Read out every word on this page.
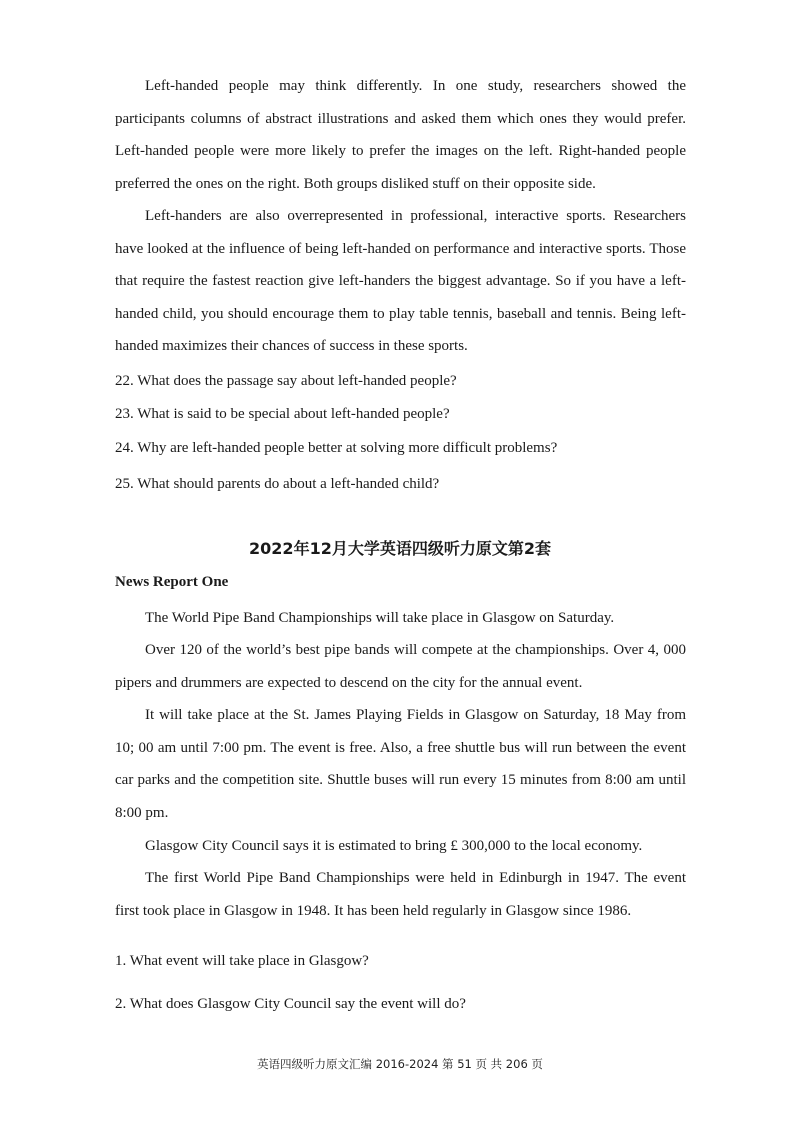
Left-handed people may think differently. In one study, researchers showed the participants columns of abstract illustrations and asked them which ones they would prefer. Left-handed people were more likely to prefer the images on the left. Right-handed people preferred the ones on the right. Both groups disliked stuff on their opposite side.

Left-handers are also overrepresented in professional, interactive sports. Researchers have looked at the influence of being left-handed on performance and interactive sports. Those that require the fastest reaction give left-handers the biggest advantage. So if you have a left-handed child, you should encourage them to play table tennis, baseball and tennis. Being left-handed maximizes their chances of success in these sports.

22. What does the passage say about left-handed people?

23. What is said to be special about left-handed people?

24. Why are left-handed people better at solving more difficult problems?

25. What should parents do about a left-handed child?

2022年12月大学英语四级听力原文第2套

News Report One

The World Pipe Band Championships will take place in Glasgow on Saturday.

Over 120 of the world’s best pipe bands will compete at the championships. Over 4, 000 pipers and drummers are expected to descend on the city for the annual event.

It will take place at the St. James Playing Fields in Glasgow on Saturday, 18 May from 10; 00 am until 7:00 pm. The event is free. Also, a free shuttle bus will run between the event car parks and the competition site. Shuttle buses will run every 15 minutes from 8:00 am until 8:00 pm.

Glasgow City Council says it is estimated to bring £ 300,000 to the local economy.

The first World Pipe Band Championships were held in Edinburgh in 1947. The event first took place in Glasgow in 1948. It has been held regularly in Glasgow since 1986.

1. What event will take place in Glasgow?

2. What does Glasgow City Council say the event will do?

英语四级听力原文汇编 2016-2024 第 51 页 共 206 页
